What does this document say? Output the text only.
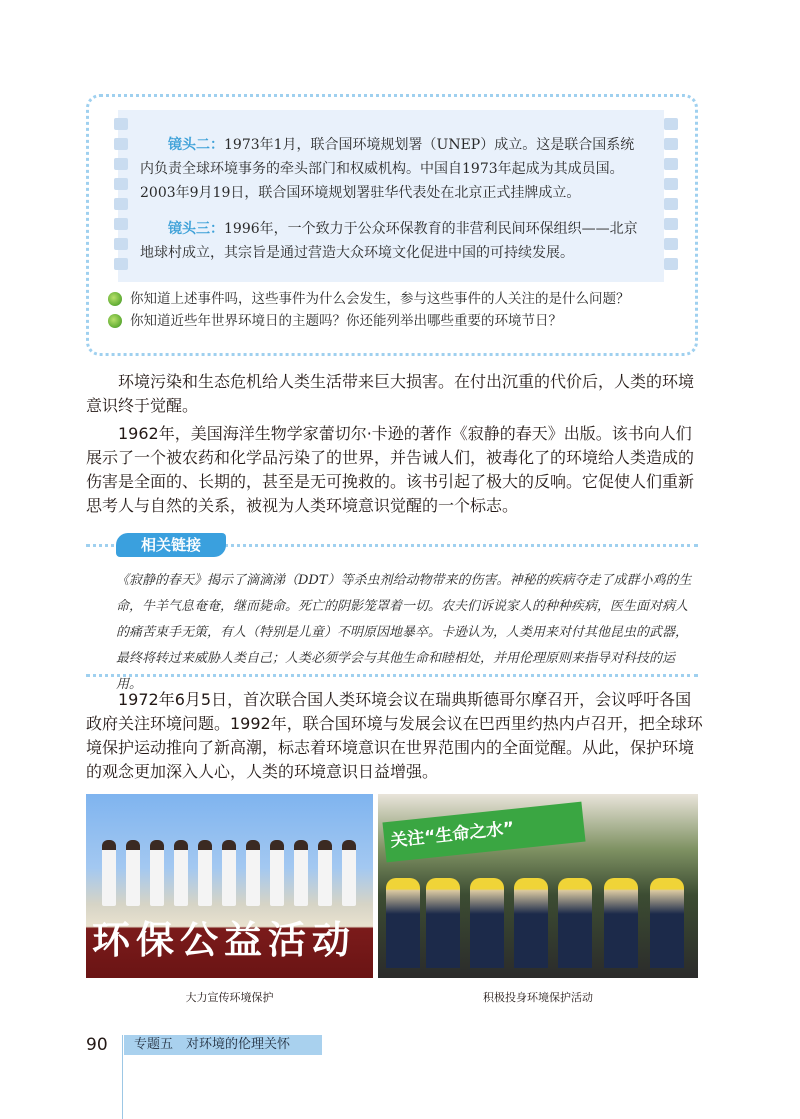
镜头二：1973年1月，联合国环境规划署（UNEP）成立。这是联合国系统内负责全球环境事务的牵头部门和权威机构。中国自1973年起成为其成员国。2003年9月19日，联合国环境规划署驻华代表处在北京正式挂牌成立。
镜头三：1996年，一个致力于公众环保教育的非营利民间环保组织——北京地球村成立，其宗旨是通过营造大众环境文化促进中国的可持续发展。
你知道上述事件吗，这些事件为什么会发生，参与这些事件的人关注的是什么问题？
你知道近些年世界环境日的主题吗？你还能列举出哪些重要的环境节日？
环境污染和生态危机给人类生活带来巨大损害。在付出沉重的代价后，人类的环境意识终于觉醒。
1962年，美国海洋生物学家蕾切尔·卡逊的著作《寂静的春天》出版。该书向人们展示了一个被农药和化学品污染了的世界，并告诫人们，被毒化了的环境给人类造成的伤害是全面的、长期的，甚至是无可挽救的。该书引起了极大的反响。它促使人们重新思考人与自然的关系，被视为人类环境意识觉醒的一个标志。
相关链接
《寂静的春天》揭示了滴滴涕（DDT）等杀虫剂给动物带来的伤害。神秘的疾病夺走了成群小鸡的生命，牛羊气息奄奄，继而毙命。死亡的阴影笼罩着一切。农夫们诉说家人的种种疾病，医生面对病人的痛苦束手无策，有人（特别是儿童）不明原因地暴卒。卡逊认为，人类用来对付其他昆虫的武器，最终将转过来威胁人类自己；人类必须学会与其他生命和睦相处，并用伦理原则来指导对科技的运用。
1972年6月5日，首次联合国人类环境会议在瑞典斯德哥尔摩召开，会议呼吁各国政府关注环境问题。1992年，联合国环境与发展会议在巴西里约热内卢召开，把全球环境保护运动推向了新高潮，标志着环境意识在世界范围内的全面觉醒。从此，保护环境的观念更加深入人心，人类的环境意识日益增强。
环保公益活动
关注“生命之水”
大力宣传环境保护	积极投身环境保护活动
90	专题五　对环境的伦理关怀
